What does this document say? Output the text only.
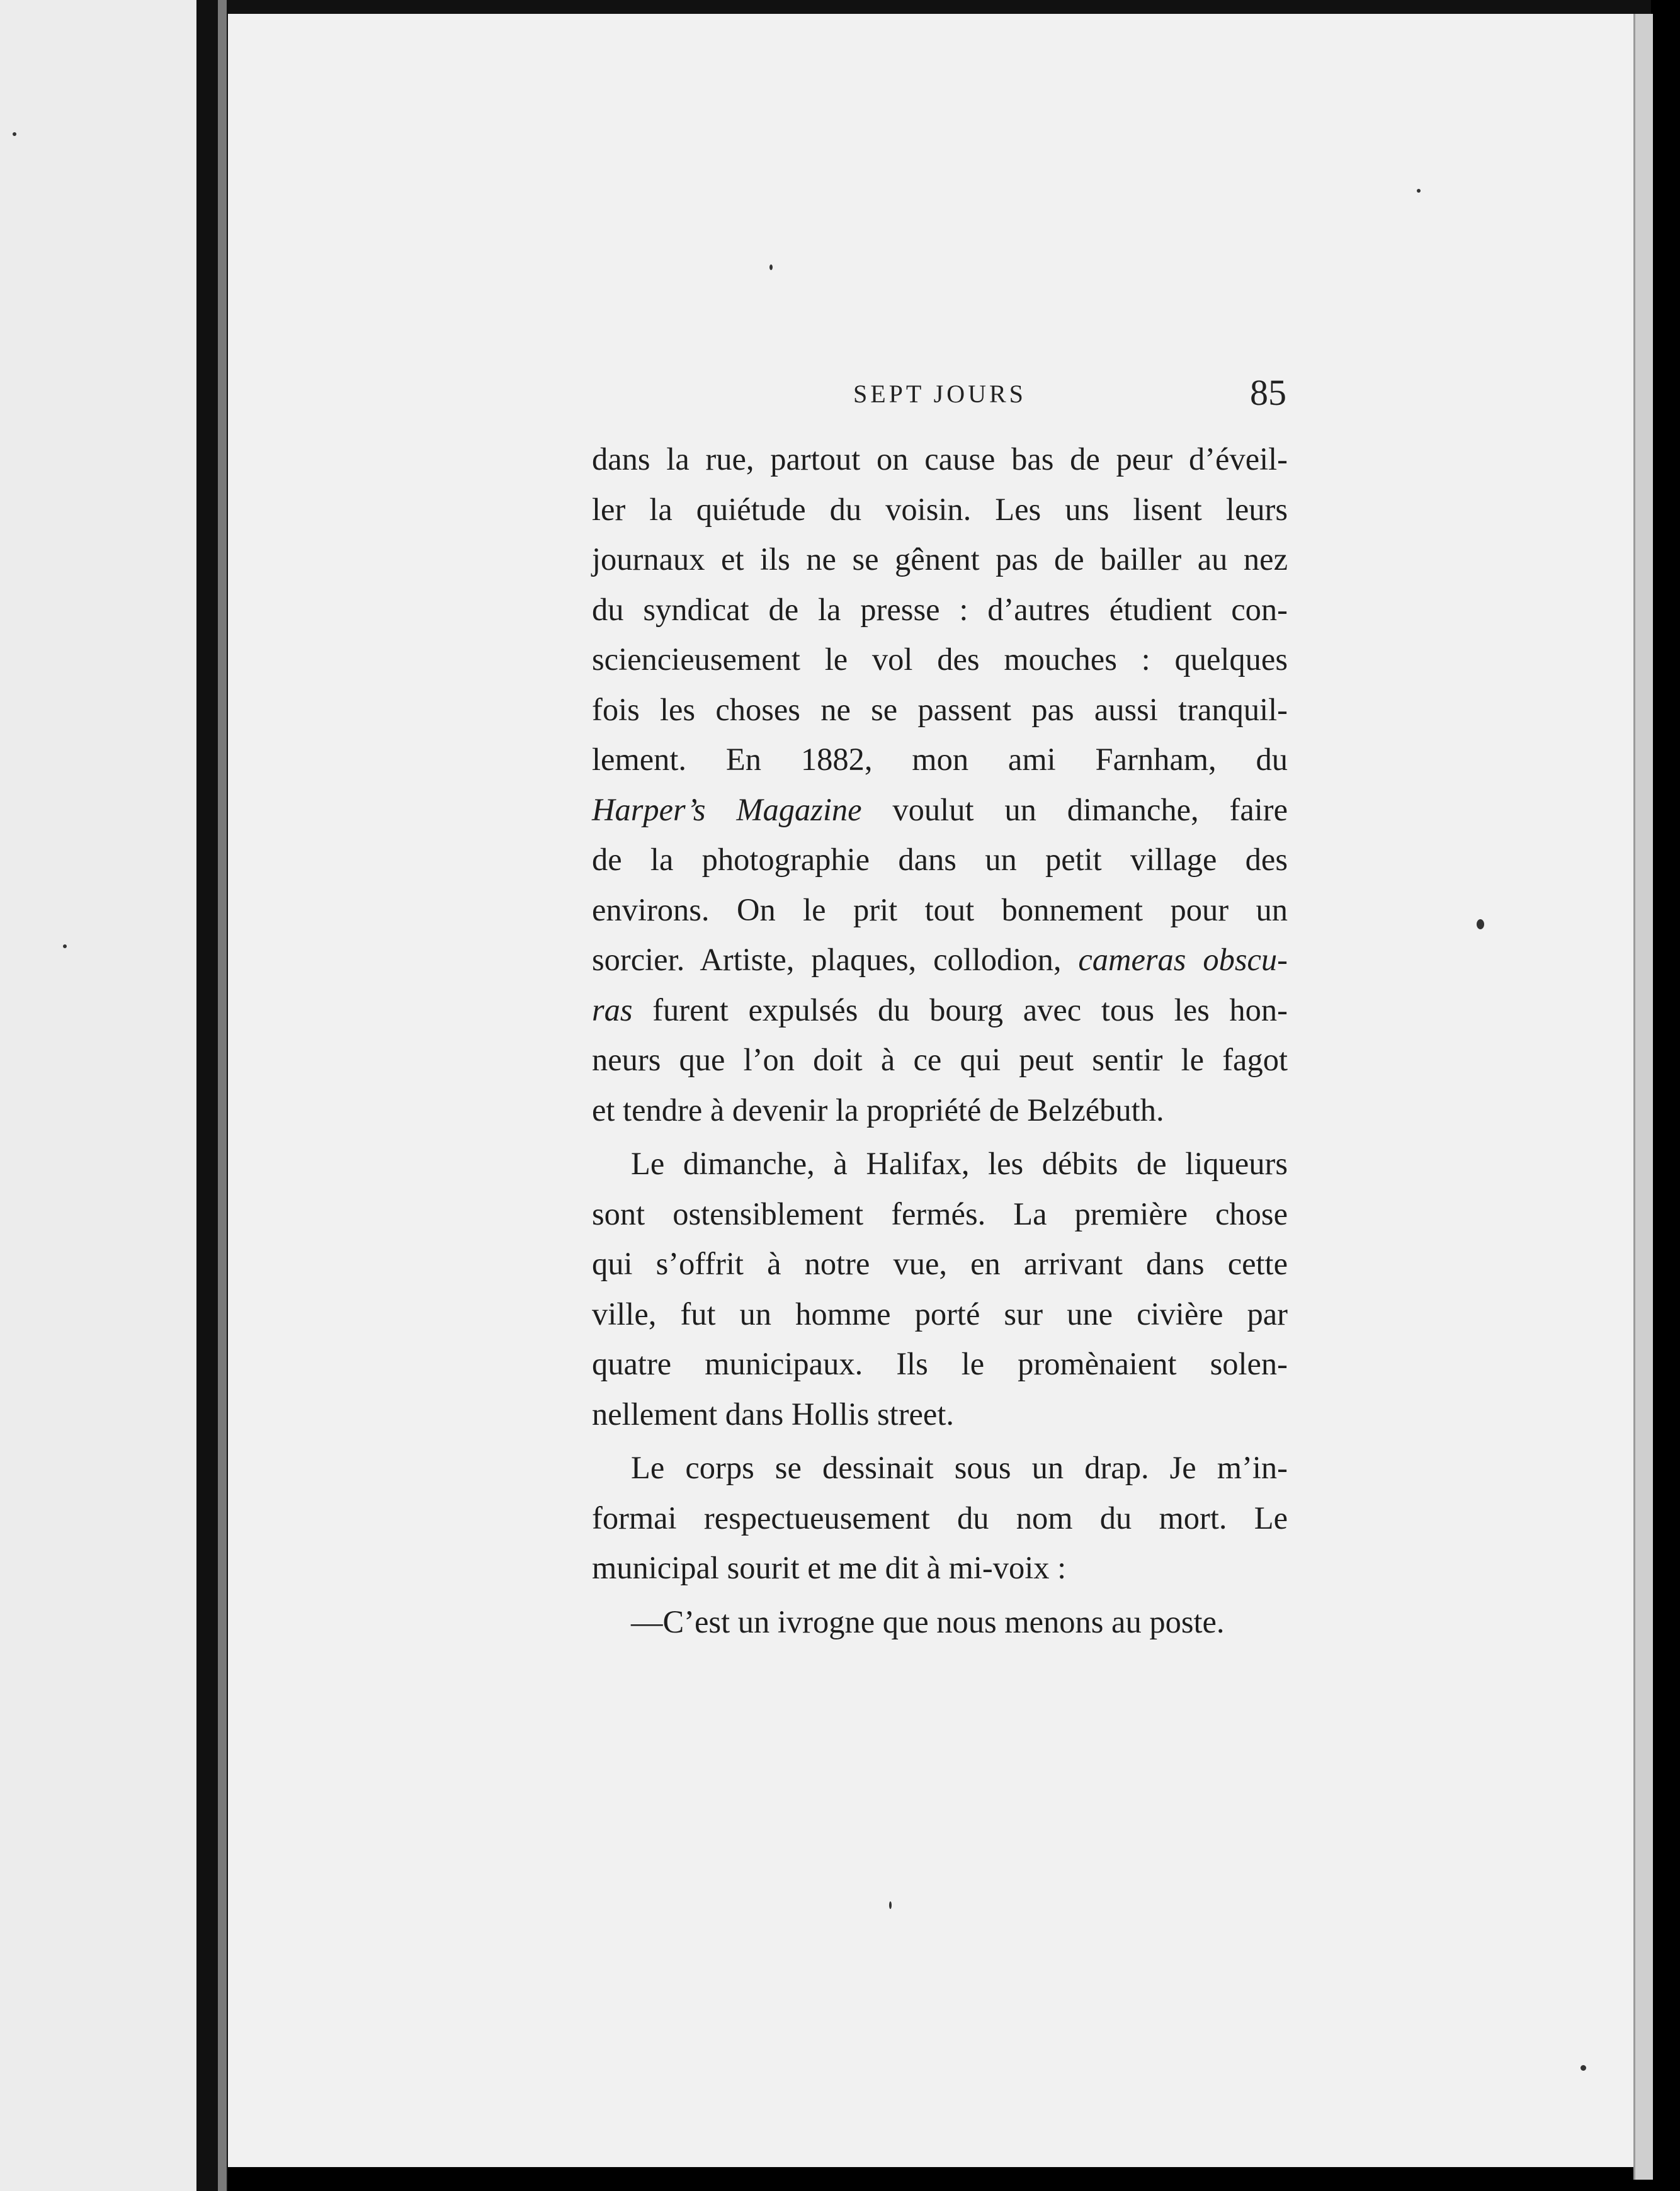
SEPT JOURS	85
dans la rue, partout on cause bas de peur d’éveil-
ler la quiétude du voisin. Les uns lisent leurs
journaux et ils ne se gênent pas de bailler au nez
du syndicat de la presse : d’autres étudient con-
sciencieusement le vol des mouches : quelques
fois les choses ne se passent pas aussi tranquil-
lement. En 1882, mon ami Farnham, du
Harper’s Magazine voulut un dimanche, faire
de la photographie dans un petit village des
environs. On le prit tout bonnement pour un
sorcier. Artiste, plaques, collodion, cameras obscu-
ras furent expulsés du bourg avec tous les hon-
neurs que l’on doit à ce qui peut sentir le fagot
et tendre à devenir la propriété de Belzébuth.
Le dimanche, à Halifax, les débits de liqueurs
sont ostensiblement fermés. La première chose
qui s’offrit à notre vue, en arrivant dans cette
ville, fut un homme porté sur une civière par
quatre municipaux. Ils le promènaient solen-
nellement dans Hollis street.
Le corps se dessinait sous un drap. Je m’in-
formai respectueusement du nom du mort. Le
municipal sourit et me dit à mi-voix :
—C’est un ivrogne que nous menons au poste.
